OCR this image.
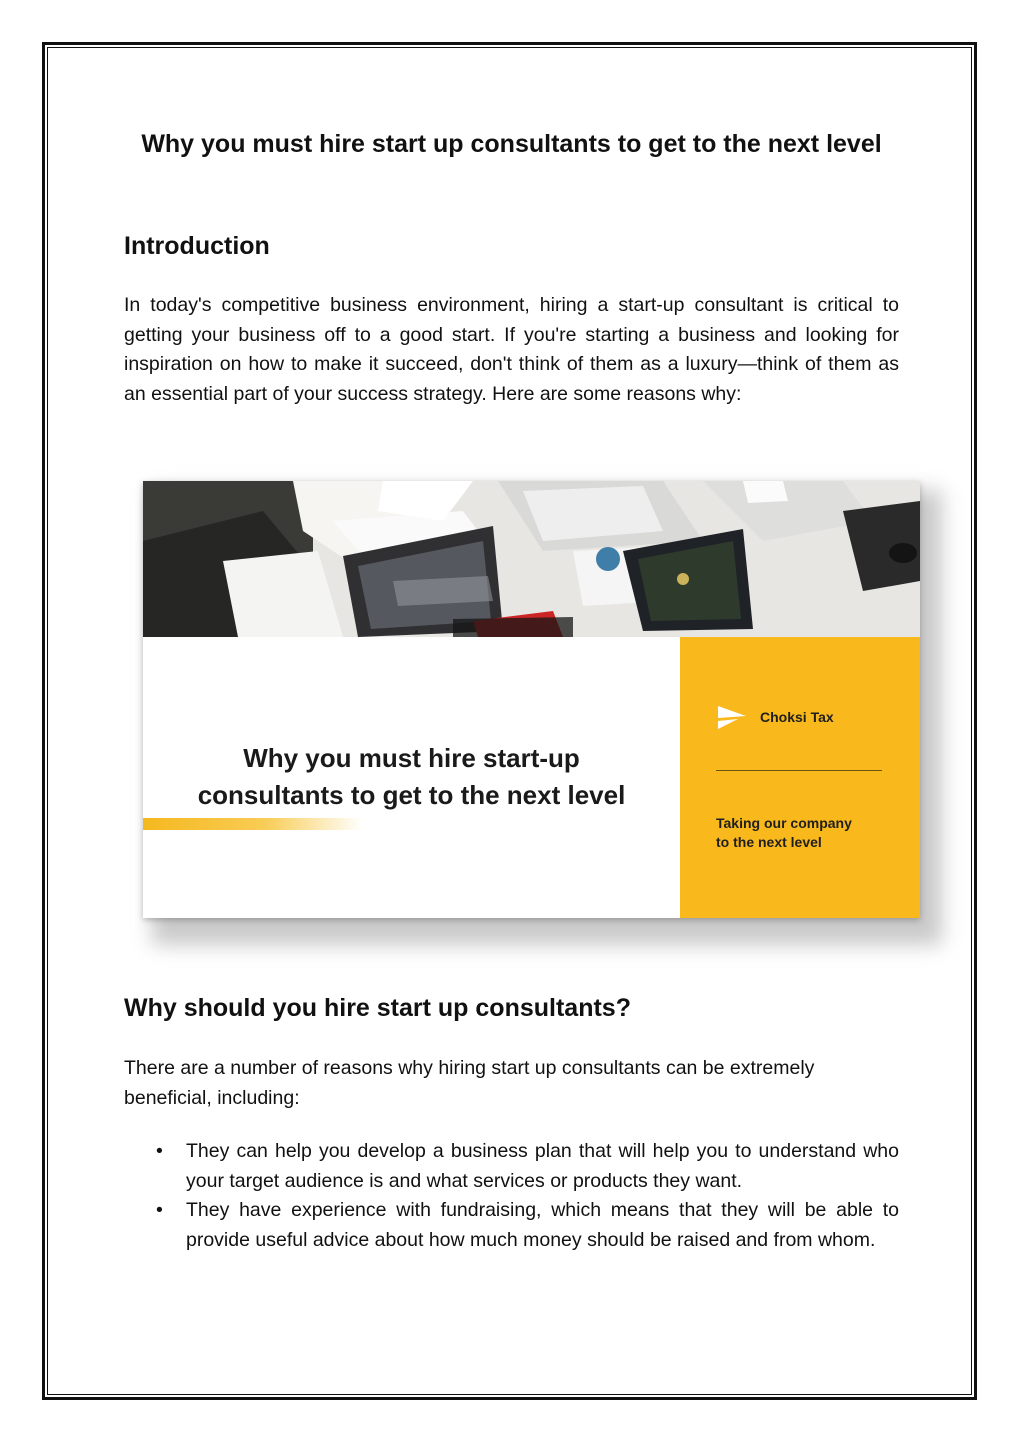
Why you must hire start up consultants to get to the next level
Introduction

In today's competitive business environment, hiring a start-up consultant is critical to getting your business off to a good start. If you're starting a business and looking for inspiration on how to make it succeed, don't think of them as a luxury—think of them as an essential part of your success strategy. Here are some reasons why:

Why you must hire start-up
consultants to get to the next level
Choksi Tax
Taking our company
to the next level
Why should you hire start up consultants?

There are a number of reasons why hiring start up consultants can be extremely beneficial, including:

• They can help you develop a business plan that will help you to understand who your target audience is and what services or products they want.
• They have experience with fundraising, which means that they will be able to provide useful advice about how much money should be raised and from whom.
